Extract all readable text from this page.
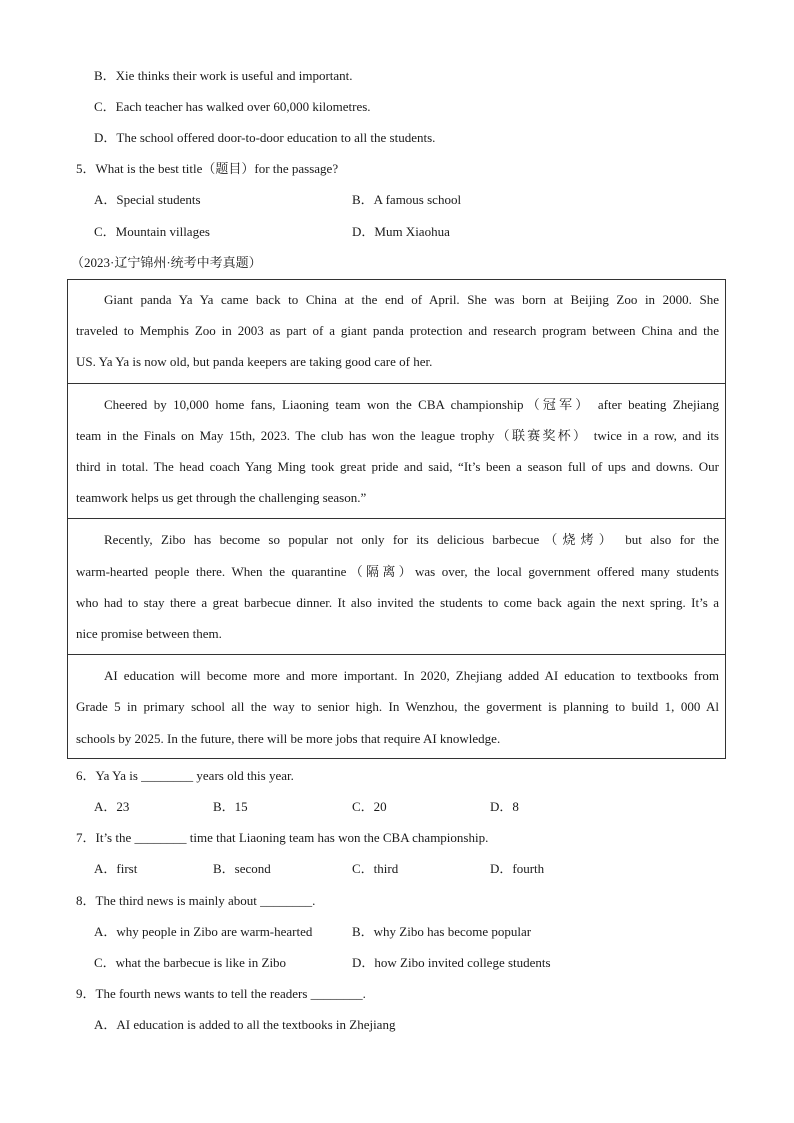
B．Xie thinks their work is useful and important.
C．Each teacher has walked over 60,000 kilometres.
D．The school offered door-to-door education to all the students.
5．What is the best title（题目）for the passage?
A．Special students	B．A famous school
C．Mountain villages	D．Mum Xiaohua
（2023·辽宁锦州·统考中考真题）
Giant panda Ya Ya came back to China at the end of April. She was born at Beijing Zoo in 2000. She
traveled to Memphis Zoo in 2003 as part of a giant panda protection and research program between China and the
US. Ya Ya is now old, but panda keepers are taking good care of her.
Cheered by 10,000 home fans, Liaoning team won the CBA championship（冠军） after beating Zhejiang
team in the Finals on May 15th, 2023. The club has won the league trophy（联赛奖杯） twice in a row, and its
third in total. The head coach Yang Ming took great pride and said, “It’s been a season full of ups and downs. Our
teamwork helps us get through the challenging season.”
Recently, Zibo has become so popular not only for its delicious barbecue（烧烤） but also for the
warm-hearted people there. When the quarantine（隔离）was over, the local government offered many students
who had to stay there a great barbecue dinner. It also invited the students to come back again the next spring. It’s a
nice promise between them.
AI education will become more and more important. In 2020, Zhejiang added AI education to textbooks from
Grade 5 in primary school all the way to senior high. In Wenzhou, the goverment is planning to build 1, 000 Al
schools by 2025. In the future, there will be more jobs that require AI knowledge.
6．Ya Ya is ________ years old this year.
A．23	B．15	C．20	D．8
7．It’s the ________ time that Liaoning team has won the CBA championship.
A．first	B．second	C．third	D．fourth
8．The third news is mainly about ________.
A．why people in Zibo are warm-hearted	B．why Zibo has become popular
C．what the barbecue is like in Zibo	D．how Zibo invited college students
9．The fourth news wants to tell the readers ________.
A．AI education is added to all the textbooks in Zhejiang
